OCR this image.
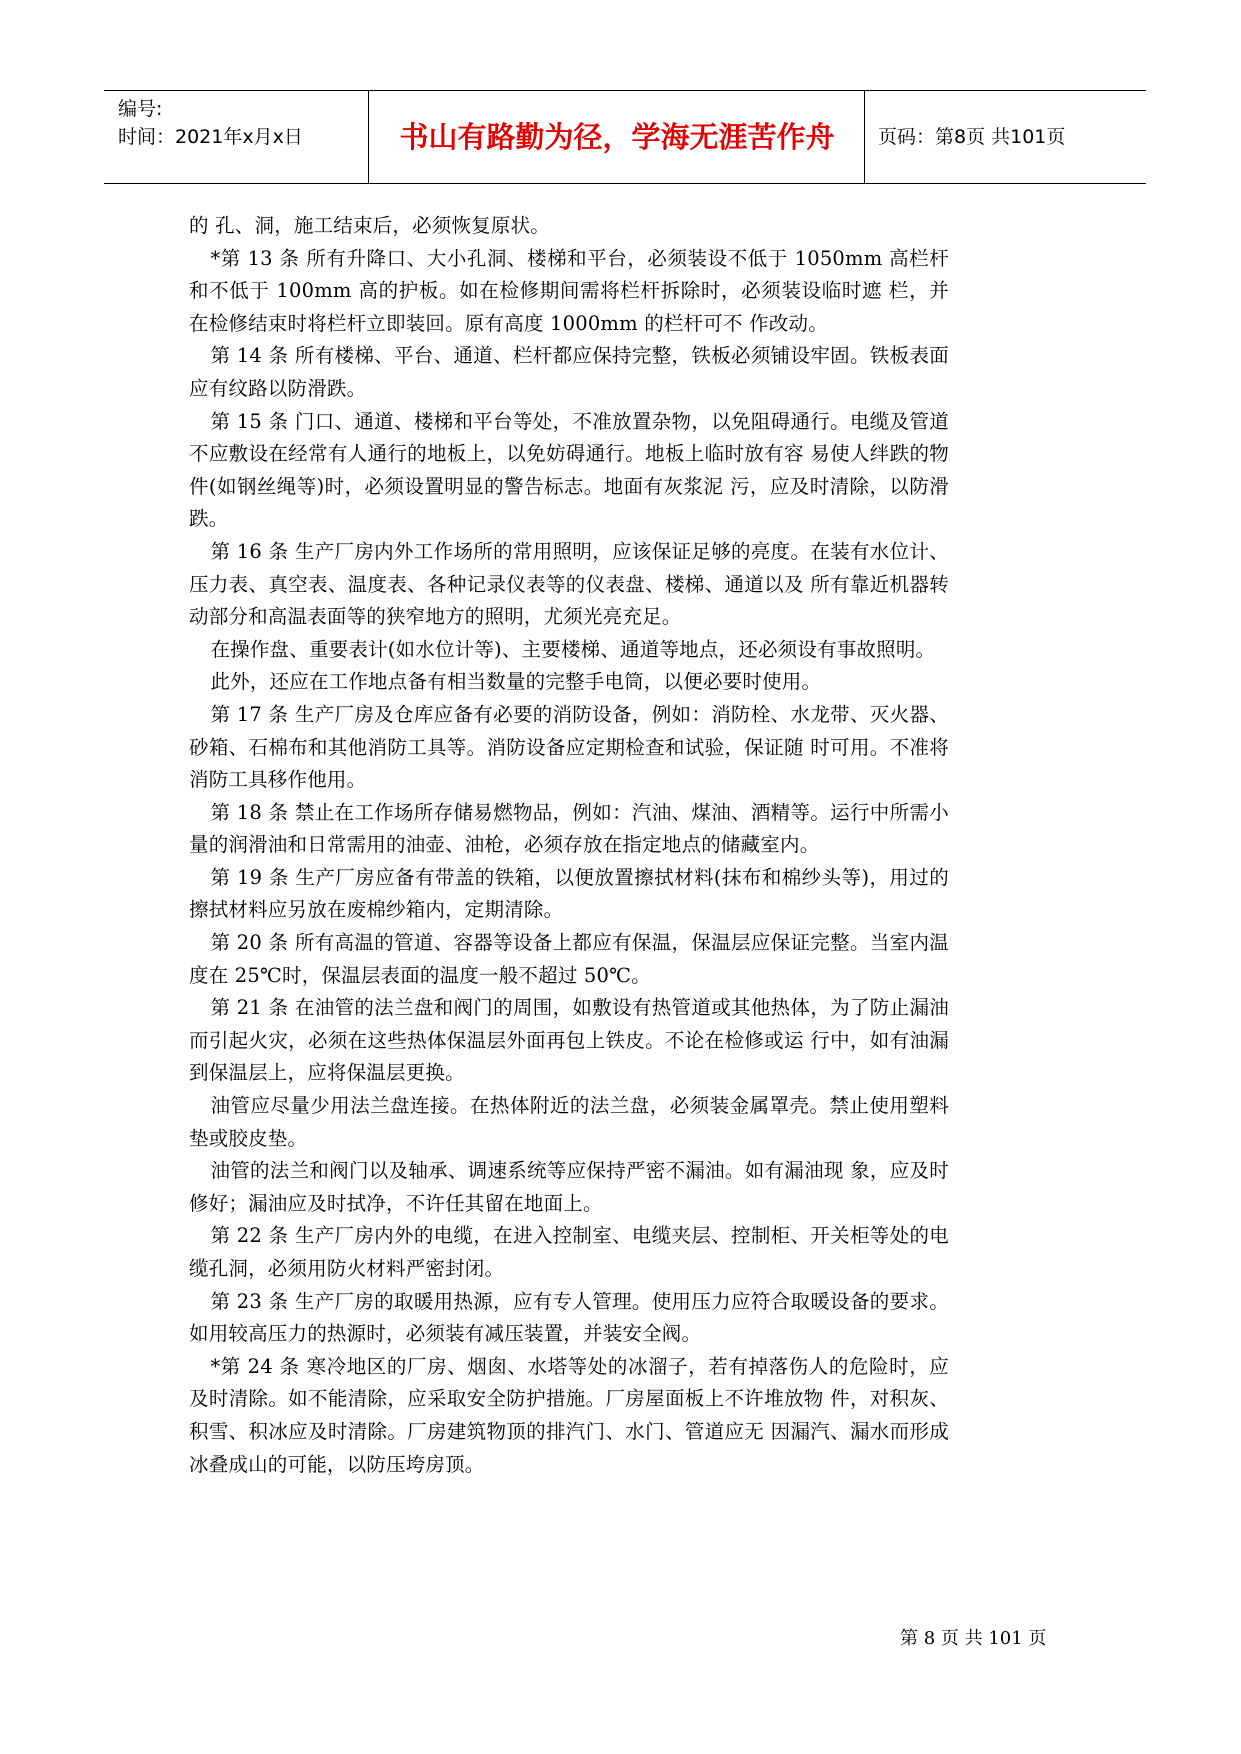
编号:
时间：2021年x月x日	书山有路勤为径，学海无涯苦作舟	页码：第8页 共101页

的 孔、洞，施工结束后，必须恢复原状。

*第 13 条 所有升降口、大小孔洞、楼梯和平台，必须装设不低于 1050mm 高栏杆和不低于 100mm 高的护板。如在检修期间需将栏杆拆除时，必须装设临时遮 栏，并在检修结束时将栏杆立即装回。原有高度 1000mm 的栏杆可不 作改动。

第 14 条 所有楼梯、平台、通道、栏杆都应保持完整，铁板必须铺设牢固。铁板表面应有纹路以防滑跌。

第 15 条 门口、通道、楼梯和平台等处，不准放置杂物，以免阻碍通行。电缆及管道不应敷设在经常有人通行的地板上，以免妨碍通行。地板上临时放有容 易使人绊跌的物件(如钢丝绳等)时，必须设置明显的警告标志。地面有灰浆泥 污，应及时清除，以防滑跌。

第 16 条 生产厂房内外工作场所的常用照明，应该保证足够的亮度。在装有水位计、压力表、真空表、温度表、各种记录仪表等的仪表盘、楼梯、通道以及 所有靠近机器转动部分和高温表面等的狭窄地方的照明，尤须光亮充足。

在操作盘、重要表计(如水位计等)、主要楼梯、通道等地点，还必须设有事故照明。

此外，还应在工作地点备有相当数量的完整手电筒，以便必要时使用。

第 17 条 生产厂房及仓库应备有必要的消防设备，例如：消防栓、水龙带、灭火器、砂箱、石棉布和其他消防工具等。消防设备应定期检查和试验，保证随 时可用。不准将消防工具移作他用。

第 18 条 禁止在工作场所存储易燃物品，例如：汽油、煤油、酒精等。运行中所需小量的润滑油和日常需用的油壶、油枪，必须存放在指定地点的储藏室内。

第 19 条 生产厂房应备有带盖的铁箱，以便放置擦拭材料(抹布和棉纱头等)，用过的擦拭材料应另放在废棉纱箱内，定期清除。

第 20 条 所有高温的管道、容器等设备上都应有保温，保温层应保证完整。当室内温度在 25℃时，保温层表面的温度一般不超过 50℃。

第 21 条 在油管的法兰盘和阀门的周围，如敷设有热管道或其他热体，为了防止漏油而引起火灾，必须在这些热体保温层外面再包上铁皮。不论在检修或运 行中，如有油漏到保温层上，应将保温层更换。

油管应尽量少用法兰盘连接。在热体附近的法兰盘，必须装金属罩壳。禁止使用塑料垫或胶皮垫。

油管的法兰和阀门以及轴承、调速系统等应保持严密不漏油。如有漏油现 象，应及时修好；漏油应及时拭净，不许任其留在地面上。

第 22 条 生产厂房内外的电缆，在进入控制室、电缆夹层、控制柜、开关柜等处的电缆孔洞，必须用防火材料严密封闭。

第 23 条 生产厂房的取暖用热源，应有专人管理。使用压力应符合取暖设备的要求。如用较高压力的热源时，必须装有减压装置，并装安全阀。

*第 24 条 寒冷地区的厂房、烟囱、水塔等处的冰溜子，若有掉落伤人的危险时，应及时清除。如不能清除，应采取安全防护措施。厂房屋面板上不许堆放物 件，对积灰、积雪、积冰应及时清除。厂房建筑物顶的排汽门、水门、管道应无 因漏汽、漏水而形成冰叠成山的可能，以防压垮房顶。

第 8 页 共 101 页
